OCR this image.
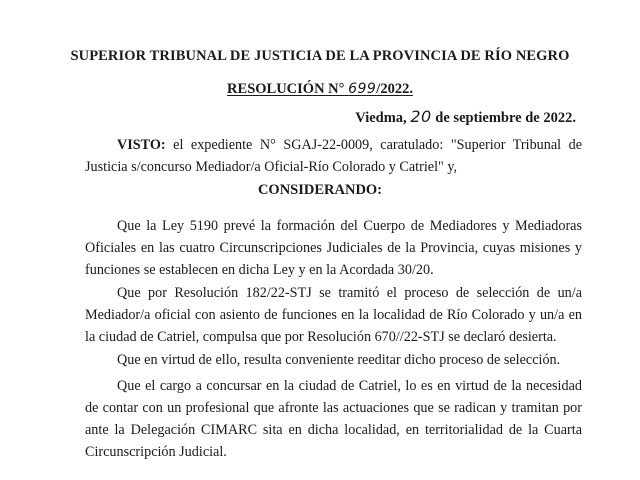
SUPERIOR TRIBUNAL DE JUSTICIA DE LA PROVINCIA DE RÍO NEGRO
RESOLUCIÓN N° 699/2022.
Viedma, 20 de septiembre de 2022.
VISTO: el expediente N° SGAJ-22-0009, caratulado: "Superior Tribunal de Justicia s/concurso Mediador/a Oficial-Río Colorado y Catriel" y,
CONSIDERANDO:
Que la Ley 5190 prevé la formación del Cuerpo de Mediadores y Mediadoras Oficiales en las cuatro Circunscripciones Judiciales de la Provincia, cuyas misiones y funciones se establecen en dicha Ley y en la Acordada 30/20.
Que por Resolución 182/22-STJ se tramitó el proceso de selección de un/a Mediador/a oficial con asiento de funciones en la localidad de Río Colorado y un/a en la ciudad de Catriel, compulsa que por Resolución 670//22-STJ se declaró desierta.
Que en virtud de ello, resulta conveniente reeditar dicho proceso de selección.
Que el cargo a concursar en la ciudad de Catriel, lo es en virtud de la necesidad de contar con un profesional que afronte las actuaciones que se radican y tramitan por ante la Delegación CIMARC sita en dicha localidad, en territorialidad de la Cuarta Circunscripción Judicial.
